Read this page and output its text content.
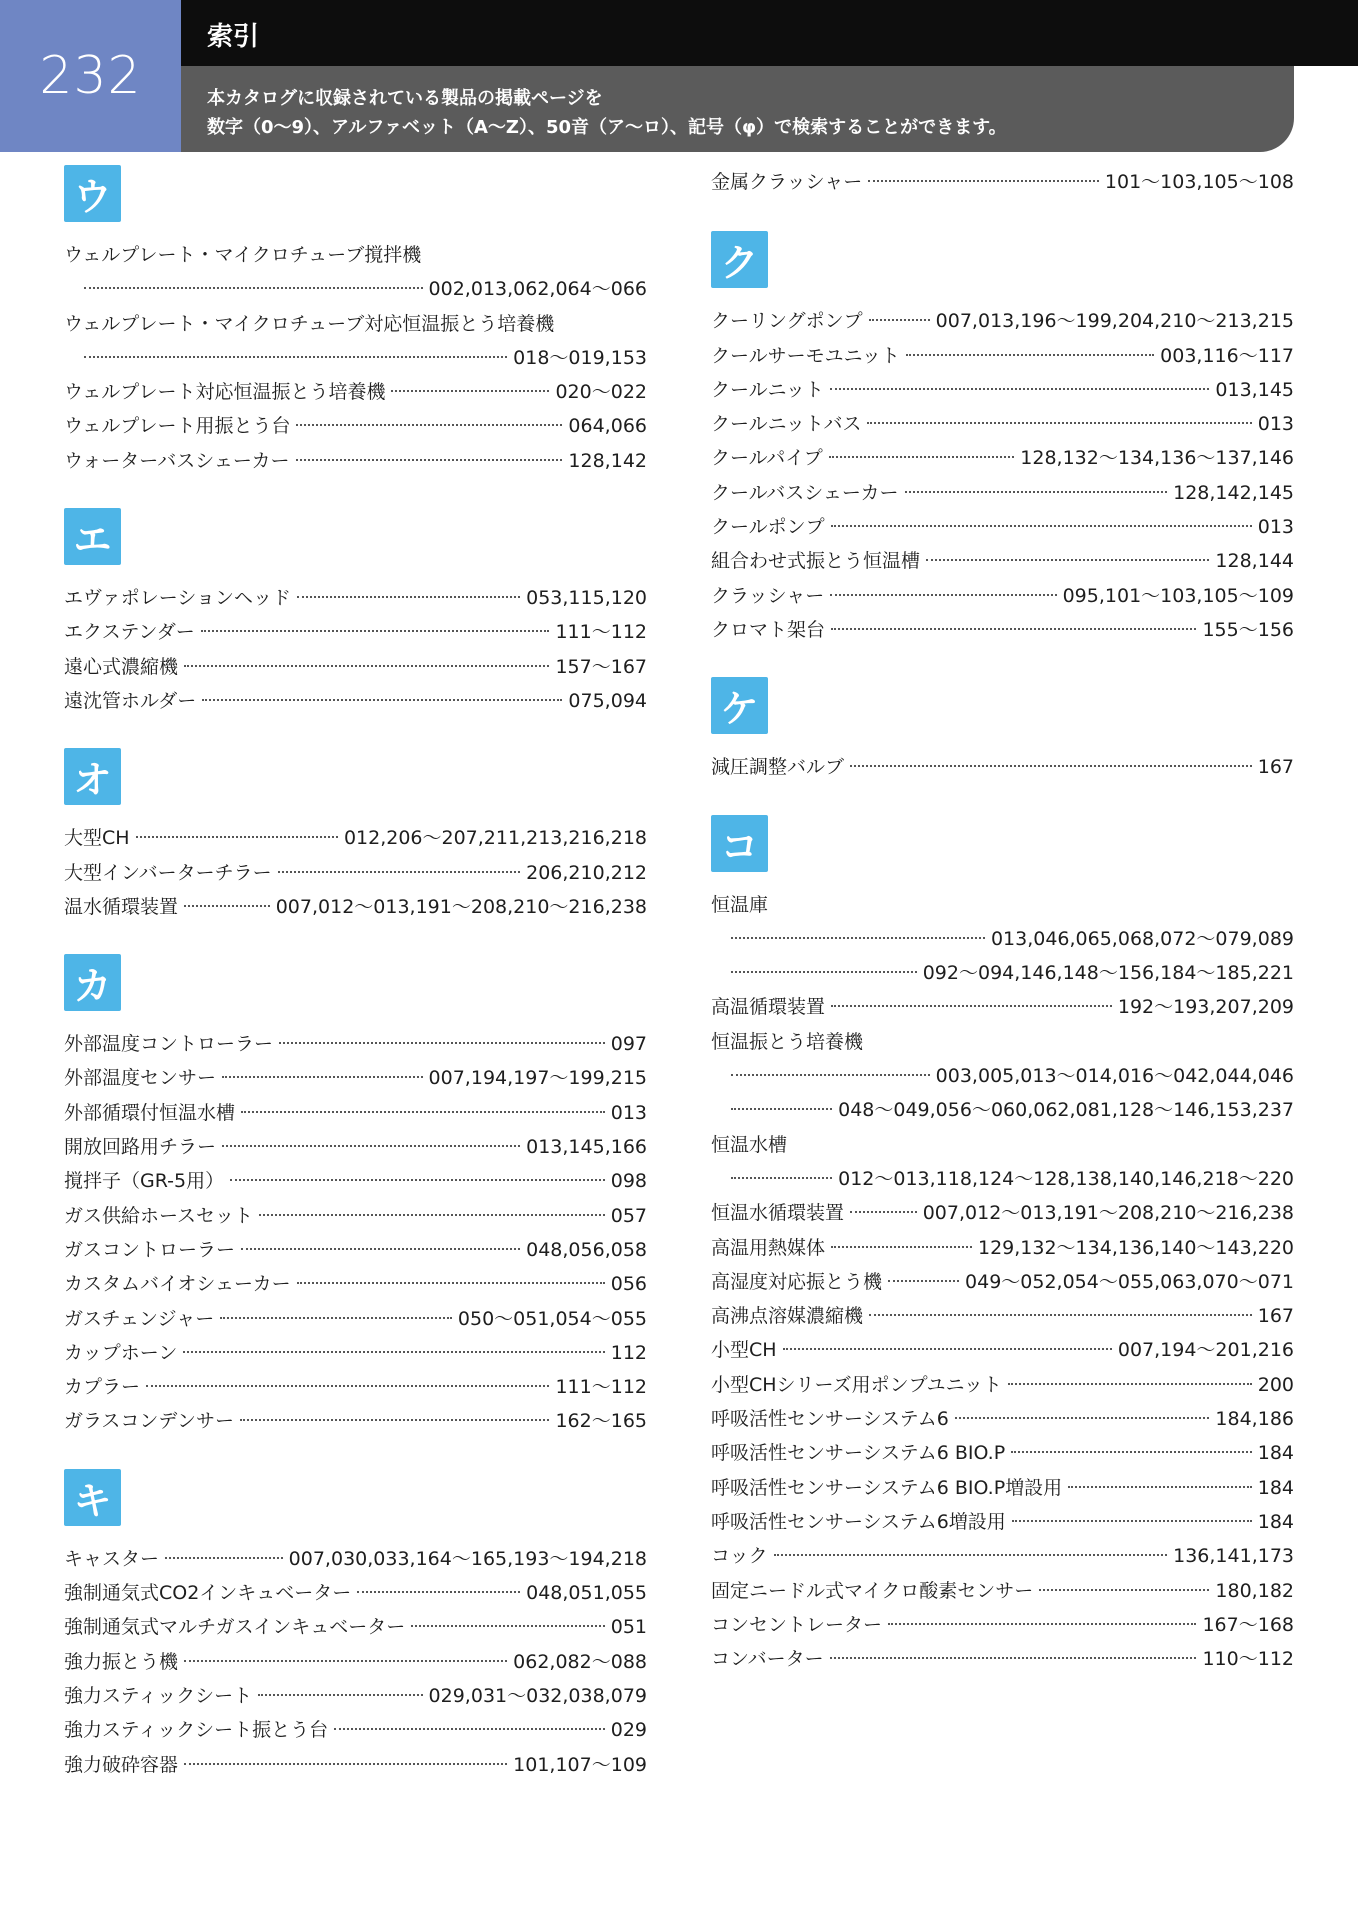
232
索引
本カタログに収録されている製品の掲載ページを
数字（0～9）、アルファベット（A～Z）、50音（ア～ロ）、記号（φ）で検索することができます。
ウ
ウェルプレート・マイクロチューブ撹拌機
002,013,062,064～066
ウェルプレート・マイクロチューブ対応恒温振とう培養機
018～019,153
ウェルプレート対応恒温振とう培養機	020～022
ウェルプレート用振とう台	064,066
ウォーターバスシェーカー	128,142
エ
エヴァポレーションヘッド	053,115,120
エクステンダー	111～112
遠心式濃縮機	157～167
遠沈管ホルダー	075,094
オ
大型CH	012,206～207,211,213,216,218
大型インバーターチラー	206,210,212
温水循環装置	007,012～013,191～208,210～216,238
カ
外部温度コントローラー	097
外部温度センサー	007,194,197～199,215
外部循環付恒温水槽	013
開放回路用チラー	013,145,166
撹拌子（GR-5用）	098
ガス供給ホースセット	057
ガスコントローラー	048,056,058
カスタムバイオシェーカー	056
ガスチェンジャー	050～051,054～055
カップホーン	112
カプラー	111～112
ガラスコンデンサー	162～165
キ
キャスター	007,030,033,164～165,193～194,218
強制通気式CO2インキュベーター	048,051,055
強制通気式マルチガスインキュベーター	051
強力振とう機	062,082～088
強力スティックシート	029,031～032,038,079
強力スティックシート振とう台	029
強力破砕容器	101,107～109
金属クラッシャー	101～103,105～108
ク
クーリングポンプ	007,013,196～199,204,210～213,215
クールサーモユニット	003,116～117
クールニット	013,145
クールニットバス	013
クールパイプ	128,132～134,136～137,146
クールバスシェーカー	128,142,145
クールポンプ	013
組合わせ式振とう恒温槽	128,144
クラッシャー	095,101～103,105～109
クロマト架台	155～156
ケ
減圧調整バルブ	167
コ
恒温庫
013,046,065,068,072～079,089
092～094,146,148～156,184～185,221
高温循環装置	192～193,207,209
恒温振とう培養機
003,005,013～014,016～042,044,046
048～049,056～060,062,081,128～146,153,237
恒温水槽
012～013,118,124～128,138,140,146,218～220
恒温水循環装置	007,012～013,191～208,210～216,238
高温用熱媒体	129,132～134,136,140～143,220
高湿度対応振とう機	049～052,054～055,063,070～071
高沸点溶媒濃縮機	167
小型CH	007,194～201,216
小型CHシリーズ用ポンプユニット	200
呼吸活性センサーシステム6	184,186
呼吸活性センサーシステム6 BIO.P	184
呼吸活性センサーシステム6 BIO.P増設用	184
呼吸活性センサーシステム6増設用	184
コック	136,141,173
固定ニードル式マイクロ酸素センサー	180,182
コンセントレーター	167～168
コンバーター	110～112
